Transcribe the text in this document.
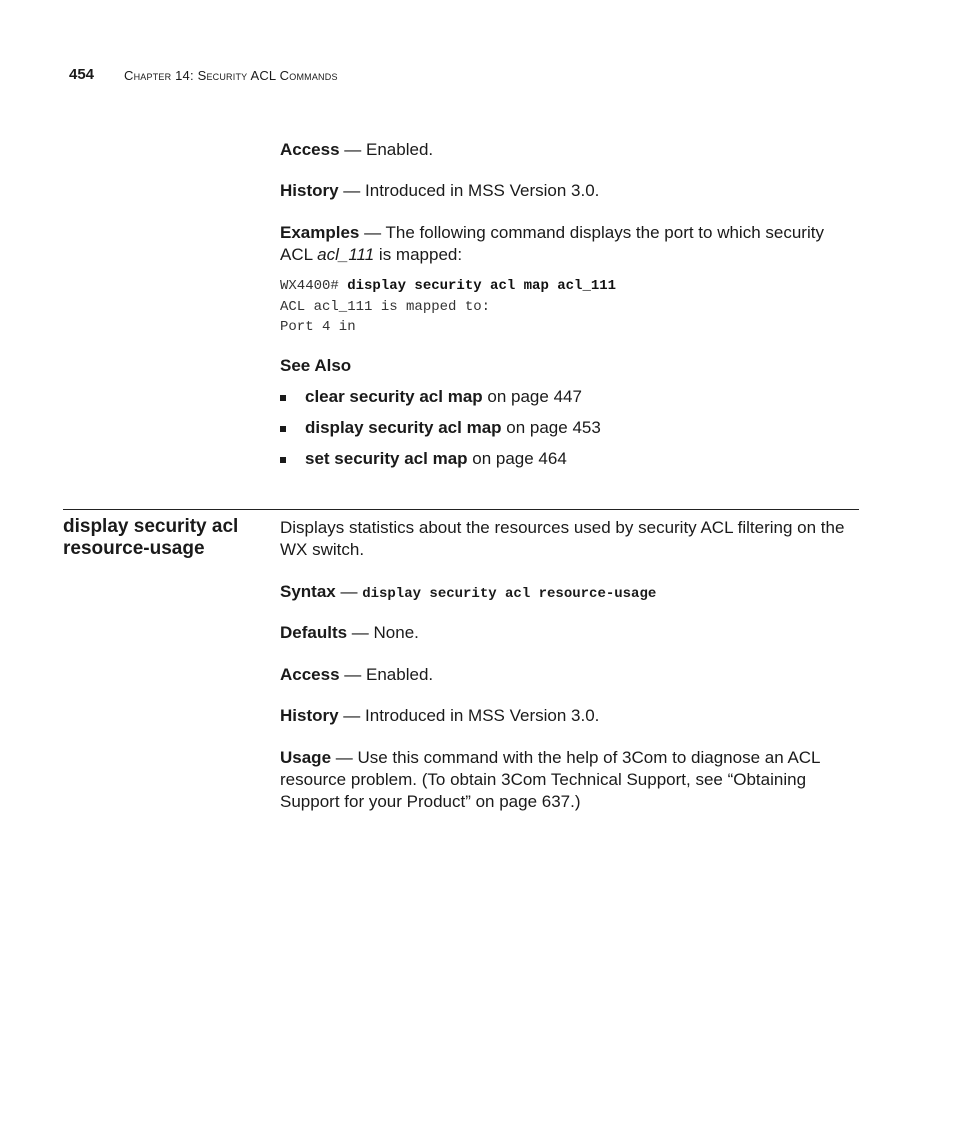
454 Chapter 14: Security ACL Commands
Access — Enabled.
History — Introduced in MSS Version 3.0.
Examples — The following command displays the port to which security ACL acl_111 is mapped:
WX4400# display security acl map acl_111
ACL acl_111 is mapped to:
Port 4 in
See Also
clear security acl map on page 447
display security acl map on page 453
set security acl map on page 464
display security acl
resource-usage
Displays statistics about the resources used by security ACL filtering on the WX switch.
Syntax — display security acl resource-usage
Defaults — None.
Access — Enabled.
History — Introduced in MSS Version 3.0.
Usage — Use this command with the help of 3Com to diagnose an ACL resource problem. (To obtain 3Com Technical Support, see “Obtaining Support for your Product” on page 637.)
